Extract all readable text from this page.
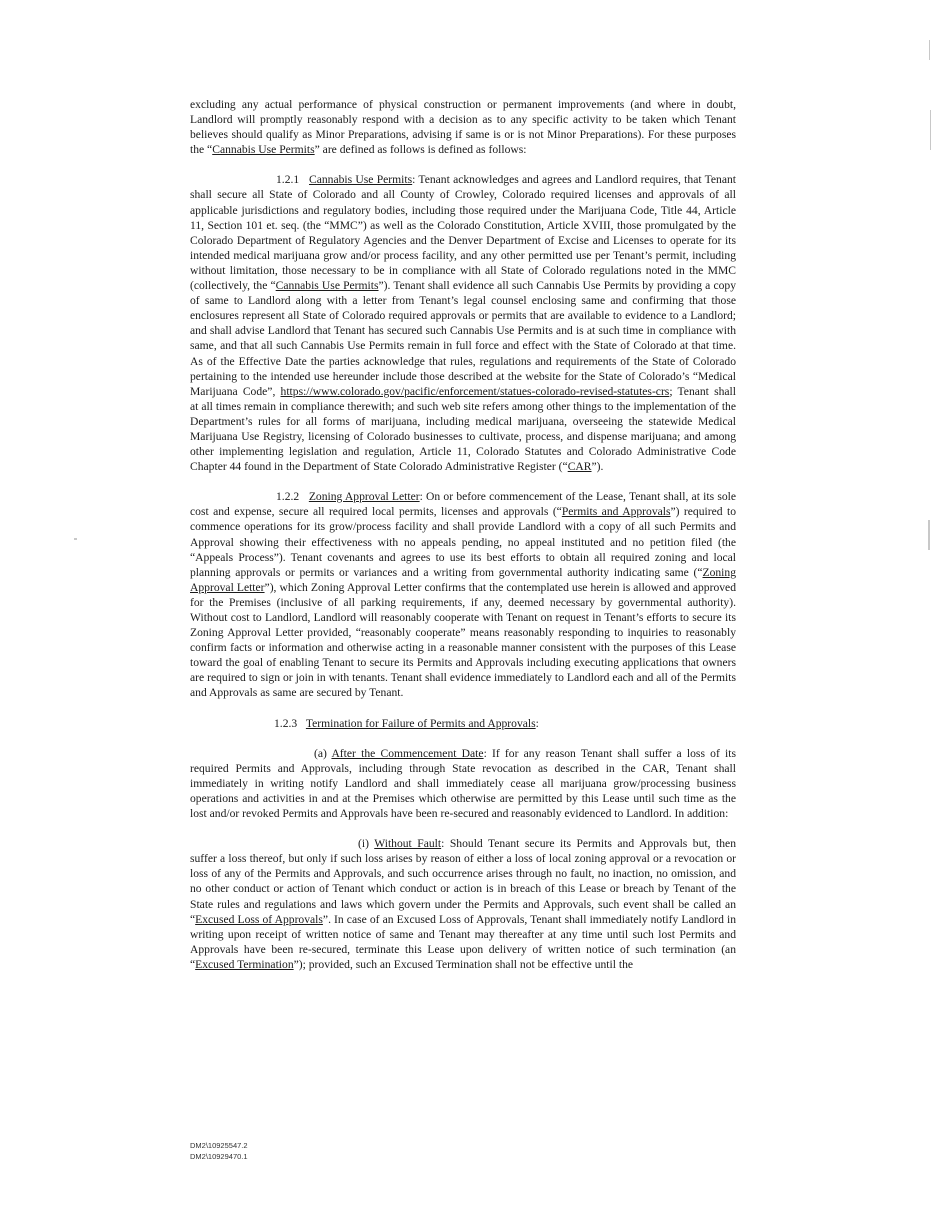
excluding any actual performance of physical construction or permanent improvements (and where in doubt, Landlord will promptly reasonably respond with a decision as to any specific activity to be taken which Tenant believes should qualify as Minor Preparations, advising if same is or is not Minor Preparations). For these purposes the “Cannabis Use Permits” are defined as follows is defined as follows:

1.2.1 Cannabis Use Permits: Tenant acknowledges and agrees and Landlord requires, that Tenant shall secure all State of Colorado and all County of Crowley, Colorado required licenses and approvals of all applicable jurisdictions and regulatory bodies, including those required under the Marijuana Code, Title 44, Article 11, Section 101 et. seq. (the “MMC”) as well as the Colorado Constitution, Article XVIII, those promulgated by the Colorado Department of Regulatory Agencies and the Denver Department of Excise and Licenses to operate for its intended medical marijuana grow and/or process facility, and any other permitted use per Tenant’s permit, including without limitation, those necessary to be in compliance with all State of Colorado regulations noted in the MMC (collectively, the “Cannabis Use Permits”). Tenant shall evidence all such Cannabis Use Permits by providing a copy of same to Landlord along with a letter from Tenant’s legal counsel enclosing same and confirming that those enclosures represent all State of Colorado required approvals or permits that are available to evidence to a Landlord; and shall advise Landlord that Tenant has secured such Cannabis Use Permits and is at such time in compliance with same, and that all such Cannabis Use Permits remain in full force and effect with the State of Colorado at that time. As of the Effective Date the parties acknowledge that rules, regulations and requirements of the State of Colorado pertaining to the intended use hereunder include those described at the website for the State of Colorado’s “Medical Marijuana Code”, https://www.colorado.gov/pacific/enforcement/statues-colorado-revised-statutes-crs; Tenant shall at all times remain in compliance therewith; and such web site refers among other things to the implementation of the Department’s rules for all forms of marijuana, including medical marijuana, overseeing the statewide Medical Marijuana Use Registry, licensing of Colorado businesses to cultivate, process, and dispense marijuana; and among other implementing legislation and regulation, Article 11, Colorado Statutes and Colorado Administrative Code Chapter 44 found in the Department of State Colorado Administrative Register (“CAR”).

1.2.2 Zoning Approval Letter: On or before commencement of the Lease, Tenant shall, at its sole cost and expense, secure all required local permits, licenses and approvals (“Permits and Approvals”) required to commence operations for its grow/process facility and shall provide Landlord with a copy of all such Permits and Approval showing their effectiveness with no appeals pending, no appeal instituted and no petition filed (the “Appeals Process”). Tenant covenants and agrees to use its best efforts to obtain all required zoning and local planning approvals or permits or variances and a writing from governmental authority indicating same (“Zoning Approval Letter”), which Zoning Approval Letter confirms that the contemplated use herein is allowed and approved for the Premises (inclusive of all parking requirements, if any, deemed necessary by governmental authority). Without cost to Landlord, Landlord will reasonably cooperate with Tenant on request in Tenant’s efforts to secure its Zoning Approval Letter provided, “reasonably cooperate” means reasonably responding to inquiries to reasonably confirm facts or information and otherwise acting in a reasonable manner consistent with the purposes of this Lease toward the goal of enabling Tenant to secure its Permits and Approvals including executing applications that owners are required to sign or join in with tenants. Tenant shall evidence immediately to Landlord each and all of the Permits and Approvals as same are secured by Tenant.

1.2.3 Termination for Failure of Permits and Approvals:

(a) After the Commencement Date: If for any reason Tenant shall suffer a loss of its required Permits and Approvals, including through State revocation as described in the CAR, Tenant shall immediately in writing notify Landlord and shall immediately cease all marijuana grow/processing business operations and activities in and at the Premises which otherwise are permitted by this Lease until such time as the lost and/or revoked Permits and Approvals have been re-secured and reasonably evidenced to Landlord. In addition:

(i) Without Fault: Should Tenant secure its Permits and Approvals but, then suffer a loss thereof, but only if such loss arises by reason of either a loss of local zoning approval or a revocation or loss of any of the Permits and Approvals, and such occurrence arises through no fault, no inaction, no omission, and no other conduct or action of Tenant which conduct or action is in breach of this Lease or breach by Tenant of the State rules and regulations and laws which govern under the Permits and Approvals, such event shall be called an “Excused Loss of Approvals”. In case of an Excused Loss of Approvals, Tenant shall immediately notify Landlord in writing upon receipt of written notice of same and Tenant may thereafter at any time until such lost Permits and Approvals have been re-secured, terminate this Lease upon delivery of written notice of such termination (an “Excused Termination”); provided, such an Excused Termination shall not be effective until the

DM2\10925547.2
DM2\10929470.1
